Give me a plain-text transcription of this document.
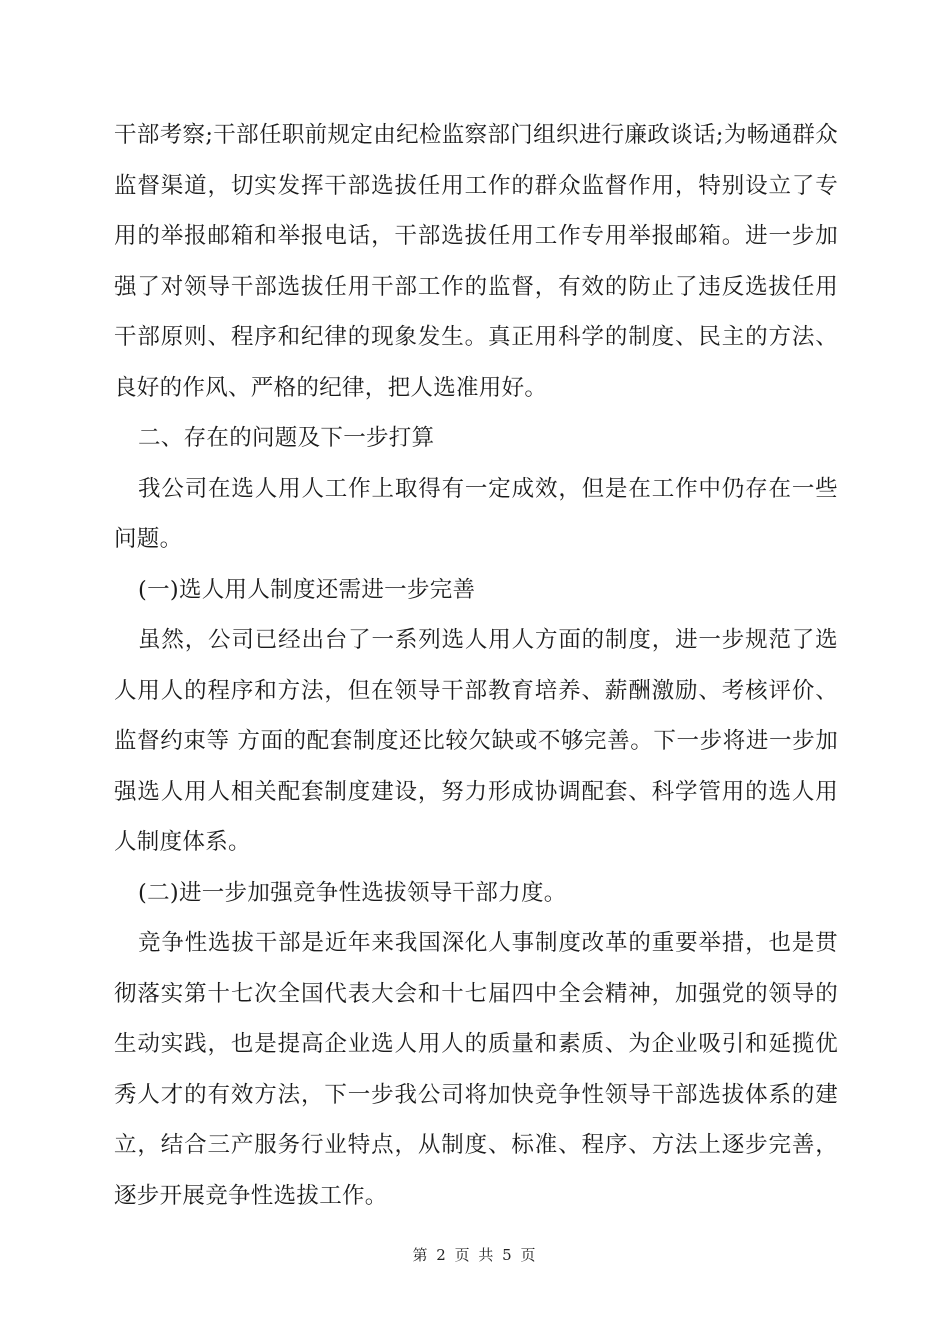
干部考察;干部任职前规定由纪检监察部门组织进行廉政谈话;为畅通群众监督渠道，切实发挥干部选拔任用工作的群众监督作用，特别设立了专用的举报邮箱和举报电话，干部选拔任用工作专用举报邮箱。进一步加强了对领导干部选拔任用干部工作的监督，有效的防止了违反选拔任用干部原则、程序和纪律的现象发生。真正用科学的制度、民主的方法、良好的作风、严格的纪律，把人选准用好。

二、存在的问题及下一步打算

我公司在选人用人工作上取得有一定成效，但是在工作中仍存在一些问题。

(一)选人用人制度还需进一步完善

虽然，公司已经出台了一系列选人用人方面的制度，进一步规范了选人用人的程序和方法，但在领导干部教育培养、薪酬激励、考核评价、监督约束等 方面的配套制度还比较欠缺或不够完善。下一步将进一步加强选人用人相关配套制度建设，努力形成协调配套、科学管用的选人用人制度体系。

(二)进一步加强竞争性选拔领导干部力度。

竞争性选拔干部是近年来我国深化人事制度改革的重要举措，也是贯彻落实第十七次全国代表大会和十七届四中全会精神，加强党的领导的生动实践，也是提高企业选人用人的质量和素质、为企业吸引和延揽优秀人才的有效方法，下一步我公司将加快竞争性领导干部选拔体系的建立，结合三产服务行业特点，从制度、标准、程序、方法上逐步完善，逐步开展竞争性选拔工作。

第 2 页 共 5 页
